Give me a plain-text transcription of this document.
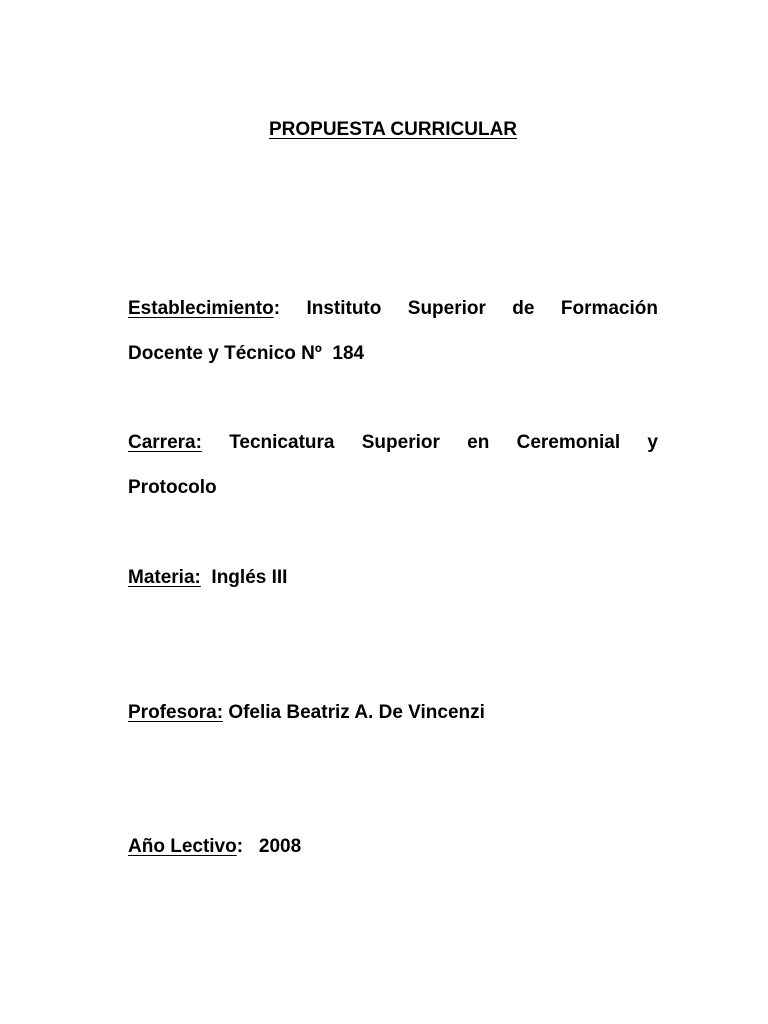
PROPUESTA CURRICULAR
Establecimiento: Instituto Superior de Formación
Docente y Técnico Nº  184
Carrera: Tecnicatura Superior en Ceremonial y
Protocolo
Materia: Inglés III
Profesora: Ofelia Beatriz A. De Vincenzi
Año Lectivo: 2008
